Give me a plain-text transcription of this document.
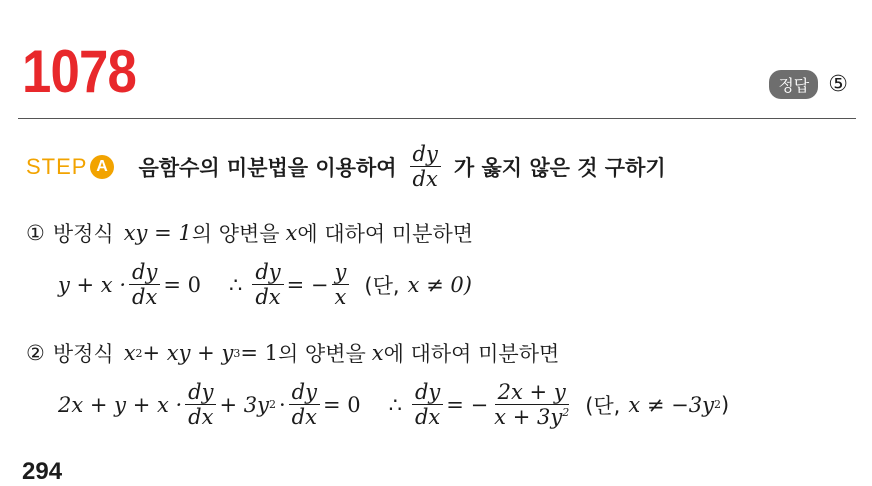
1078	정답 ⑤
STEP A 음함수의 미분법을 이용하여 $\frac{dy}{dx}$ 가 옳지 않은 것 구하기
① 방정식 xy = 1 의 양변을 x 에 대하여 미분하면
$y + x \cdot \frac{dy}{dx} = 0$ ∴ $\frac{dy}{dx}$ = − $\frac{y}{x}$ (단, x ≠ 0)
② 방정식 x 2 + xy + y 3 = 1 의 양변을 x 에 대하여 미분하면
$2x + y + x \cdot \frac{dy}{dx} + 3y$ $2 \cdot \frac{dy}{dx} = 0$ ∴ $\frac{dy}{dx}$ = − $\frac{2x + y}{x + 3y^2}$ (단, x ≠ −3y 2 )
294
